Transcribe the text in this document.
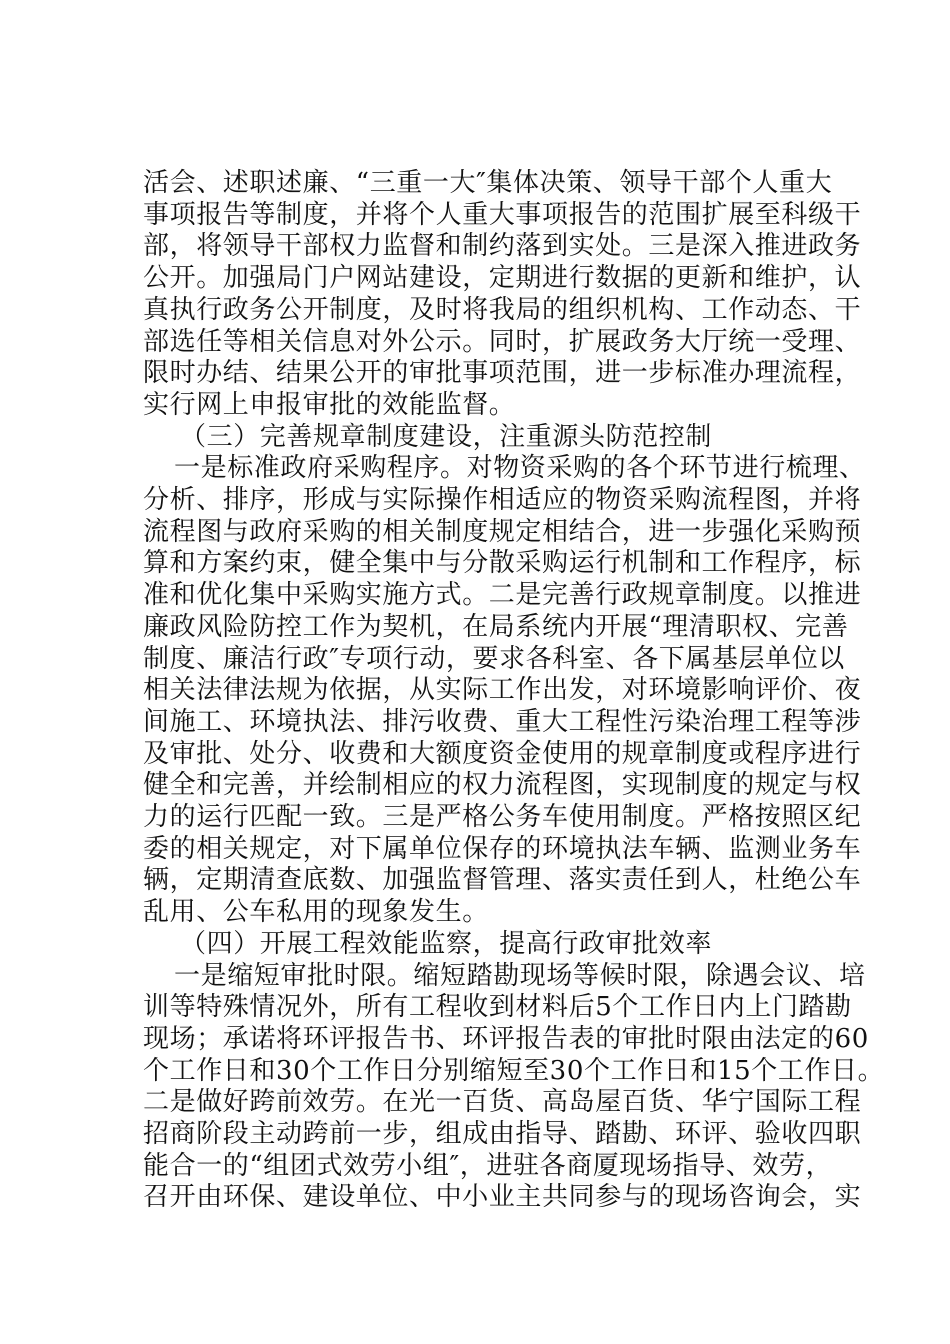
活会、述职述廉、“三重一大″集体决策、领导干部个人重大
事项报告等制度，并将个人重大事项报告的范围扩展至科级干
部，将领导干部权力监督和制约落到实处。三是深入推进政务
公开。加强局门户网站建设，定期进行数据的更新和维护，认
真执行政务公开制度，及时将我局的组织机构、工作动态、干
部选任等相关信息对外公示。同时，扩展政务大厅统一受理、
限时办结、结果公开的审批事项范围，进一步标准办理流程，
实行网上申报审批的效能监督。
（三）完善规章制度建设，注重源头防范控制
一是标准政府采购程序。对物资采购的各个环节进行梳理、
分析、排序，形成与实际操作相适应的物资采购流程图，并将
流程图与政府采购的相关制度规定相结合，进一步强化采购预
算和方案约束，健全集中与分散采购运行机制和工作程序，标
准和优化集中采购实施方式。二是完善行政规章制度。以推进
廉政风险防控工作为契机，在局系统内开展“理清职权、完善
制度、廉洁行政″专项行动，要求各科室、各下属基层单位以
相关法律法规为依据，从实际工作出发，对环境影响评价、夜
间施工、环境执法、排污收费、重大工程性污染治理工程等涉
及审批、处分、收费和大额度资金使用的规章制度或程序进行
健全和完善，并绘制相应的权力流程图，实现制度的规定与权
力的运行匹配一致。三是严格公务车使用制度。严格按照区纪
委的相关规定，对下属单位保存的环境执法车辆、监测业务车
辆，定期清查底数、加强监督管理、落实责任到人，杜绝公车
乱用、公车私用的现象发生。
（四）开展工程效能监察，提高行政审批效率
一是缩短审批时限。缩短踏勘现场等候时限，除遇会议、培
训等特殊情况外，所有工程收到材料后5个工作日内上门踏勘
现场；承诺将环评报告书、环评报告表的审批时限由法定的60
个工作日和30个工作日分别缩短至30个工作日和15个工作日。
二是做好跨前效劳。在光一百货、高岛屋百货、华宁国际工程
招商阶段主动跨前一步，组成由指导、踏勘、环评、验收四职
能合一的“组团式效劳小组″，进驻各商厦现场指导、效劳，
召开由环保、建设单位、中小业主共同参与的现场咨询会，实
